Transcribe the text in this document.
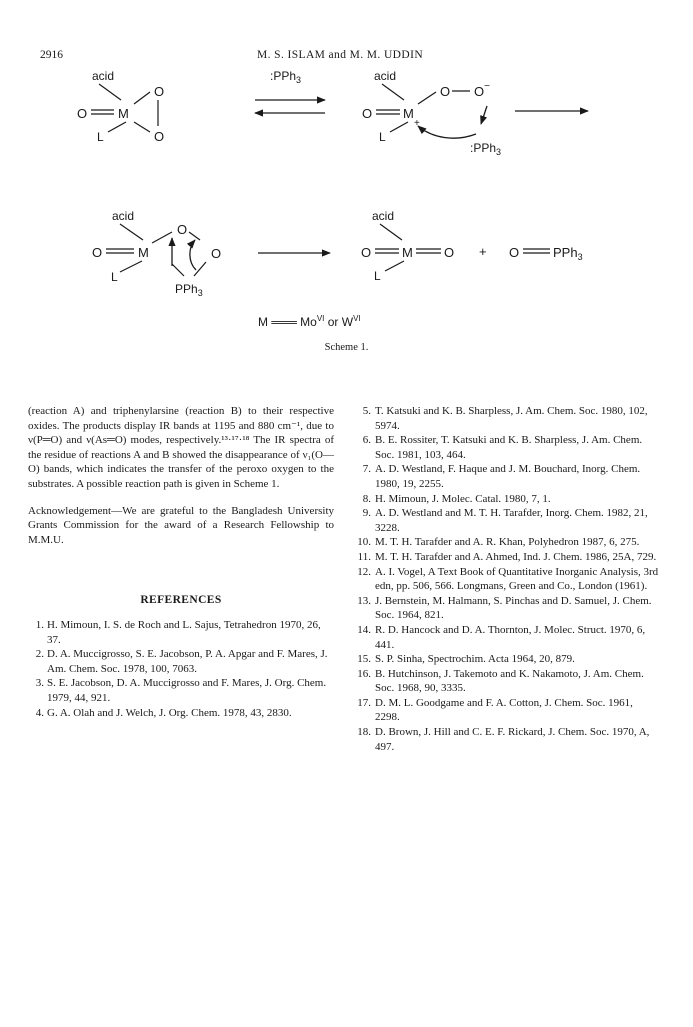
2916	M. S. ISLAM and M. M. UDDIN
acid
O M
L
O
O
:PPh$_3$	acid
O M
+
L
O O−
:PPh$_3$
acid
O	M
L
O
O
PPh$_3$
acid
O M O
L
+ O	PPh$_3$
M ═══ $Mo^{VI}$ or $W^{VI}$
Scheme 1.

(reaction A) and triphenylarsine (reaction B) to their respective oxides. The products display IR bands at 1195 and 880 cm⁻¹, due to ν(P═O) and ν(As═O) modes, respectively.¹³·¹⁷·¹⁸ The IR spectra of the residue of reactions A and B showed the disappearance of ν₁(O—O) bands, which indicates the transfer of the peroxo oxygen to the substrates. A possible reaction path is given in Scheme 1.

Acknowledgement—We are grateful to the Bangladesh University Grants Commission for the award of a Research Fellowship to M.M.U.

REFERENCES
1. H. Mimoun, I. S. de Roch and L. Sajus, Tetrahedron 1970, 26, 37.
2. D. A. Muccigrosso, S. E. Jacobson, P. A. Apgar and F. Mares, J. Am. Chem. Soc. 1978, 100, 7063.
3. S. E. Jacobson, D. A. Muccigrosso and F. Mares, J. Org. Chem. 1979, 44, 921.
4. G. A. Olah and J. Welch, J. Org. Chem. 1978, 43, 2830.
5. T. Katsuki and K. B. Sharpless, J. Am. Chem. Soc. 1980, 102, 5974.
6. B. E. Rossiter, T. Katsuki and K. B. Sharpless, J. Am. Chem. Soc. 1981, 103, 464.
7. A. D. Westland, F. Haque and J. M. Bouchard, Inorg. Chem. 1980, 19, 2255.
8. H. Mimoun, J. Molec. Catal. 1980, 7, 1.
9. A. D. Westland and M. T. H. Tarafder, Inorg. Chem. 1982, 21, 3228.
10. M. T. H. Tarafder and A. R. Khan, Polyhedron 1987, 6, 275.
11. M. T. H. Tarafder and A. Ahmed, Ind. J. Chem. 1986, 25A, 729.
12. A. I. Vogel, A Text Book of Quantitative Inorganic Analysis, 3rd edn, pp. 506, 566. Longmans, Green and Co., London (1961).
13. J. Bernstein, M. Halmann, S. Pinchas and D. Samuel, J. Chem. Soc. 1964, 821.
14. R. D. Hancock and D. A. Thornton, J. Molec. Struct. 1970, 6, 441.
15. S. P. Sinha, Spectrochim. Acta 1964, 20, 879.
16. B. Hutchinson, J. Takemoto and K. Nakamoto, J. Am. Chem. Soc. 1968, 90, 3335.
17. D. M. L. Goodgame and F. A. Cotton, J. Chem. Soc. 1961, 2298.
18. D. Brown, J. Hill and C. E. F. Rickard, J. Chem. Soc. 1970, A, 497.
